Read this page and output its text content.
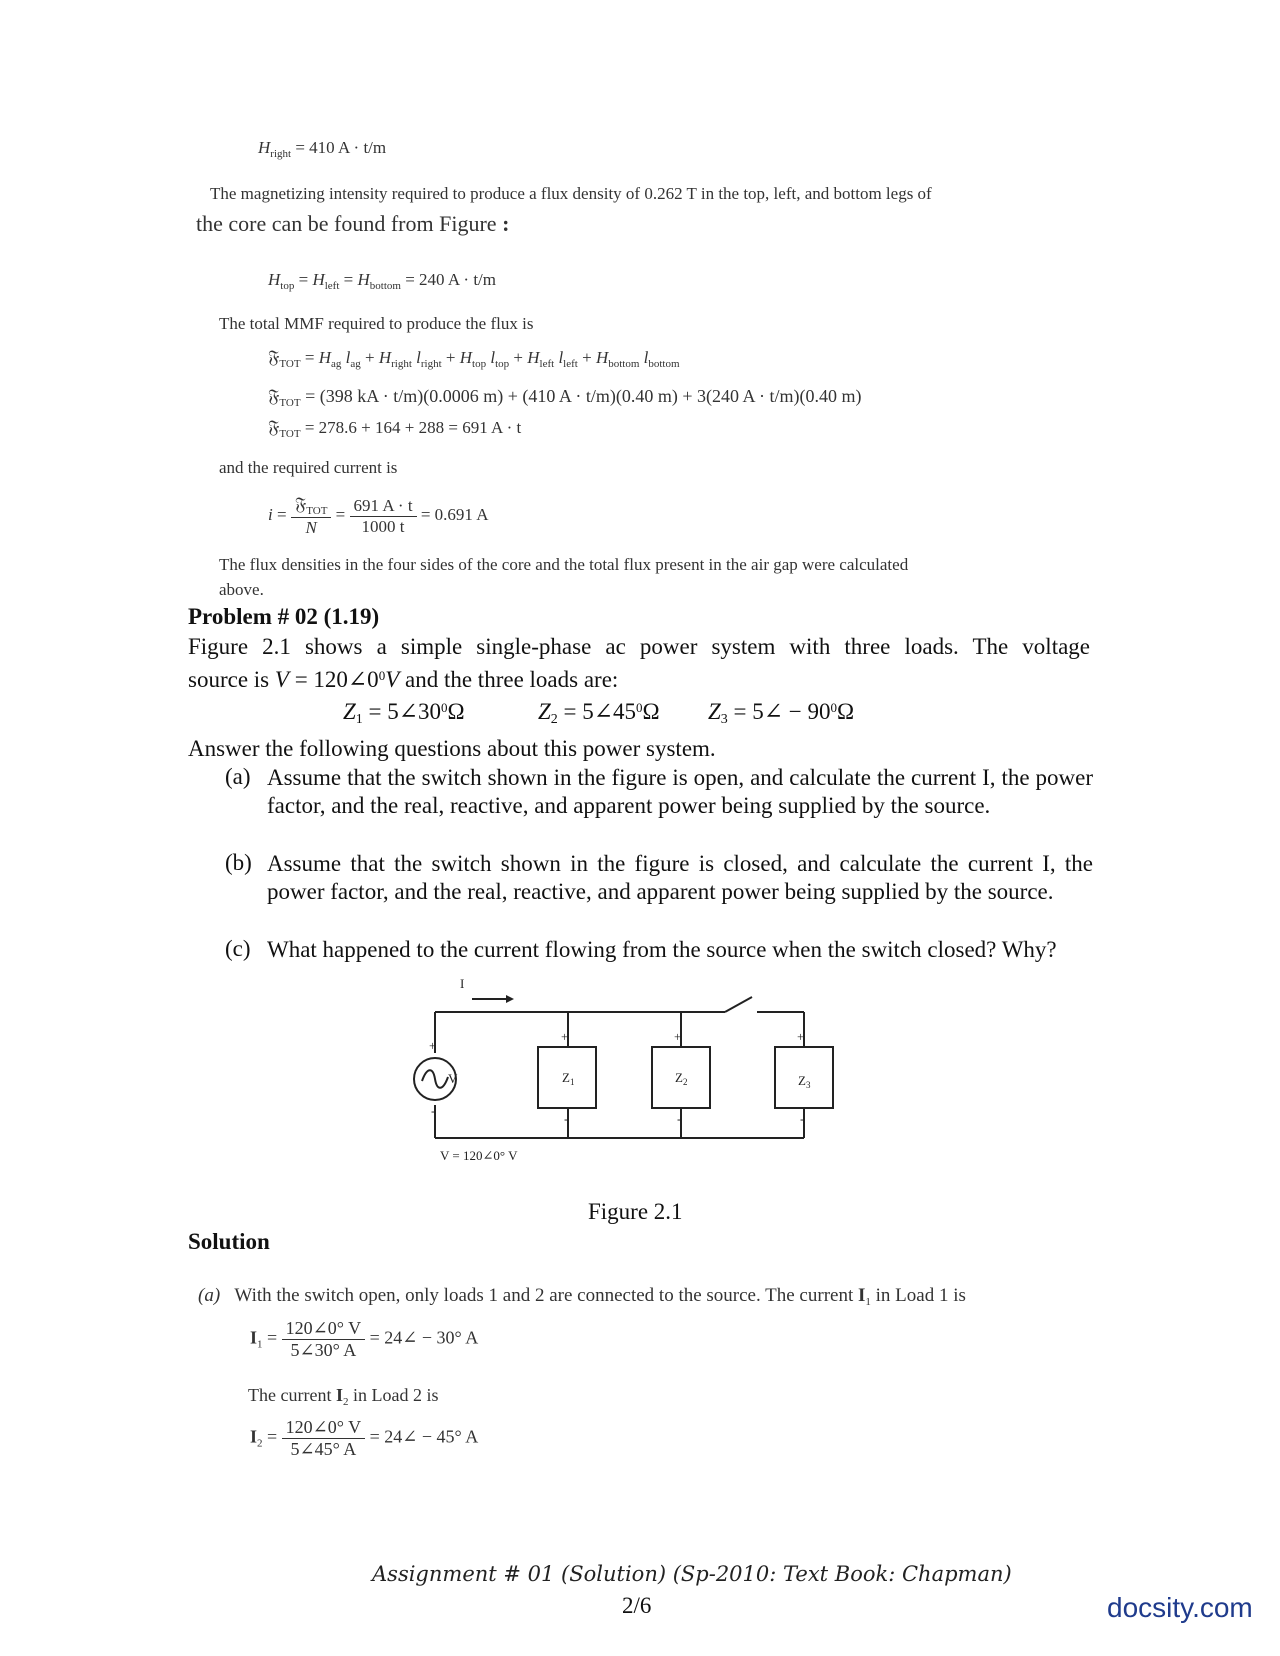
$H_{right} = 410$ A · t/m
The magnetizing intensity required to produce a flux density of 0.262 T in the top, left, and bottom legs of
the core can be found from Figure :
$H_{top} = H_{left} = H_{bottom} = 240$ A · t/m
The total MMF required to produce the flux is
𝔉$_{TOT}$ = $H_{ag}$ $l_{ag} + H_{right}$ $l_{right} + H_{top}$ $l_{top} + H_{left}$ $l_{left} + H_{bottom}$ $l_{bottom}$
𝔉$_{TOT}$ = (398 kA · t/m)(0.0006 m) + (410 A · t/m)(0.40 m) + 3(240 A · t/m)(0.40 m)
𝔉$_{TOT}$ = 278.6 + 164 + 288 = 691 A · t
and the required current is
$i = \frac{𝔉_{TOT}}{N} = \frac{691 A \cdot t}{1000 t} = 0.691$ A
The flux densities in the four sides of the core and the total flux present in the air gap were calculated
above.
Problem # 02 (1.19)
Figure 2.1 shows a simple single-phase ac power system with three loads. The voltage
source is $V = 120\angle 0^0V$ and the three loads are:
$Z_1$ = $5\angle 30^0\Omega$	$Z_2$ = $5\angle 45^0\Omega$ $Z_3$ = 5∠ − $90^0\Omega$
Answer the following questions about this power system.
(a) Assume that the switch shown in the figure is open, and calculate the current I, the power factor, and the real, reactive, and apparent power being supplied by the source.
(b) Assume that the switch shown in the figure is closed, and calculate the current I, the power factor, and the real, reactive, and apparent power being supplied by the source.
(c) What happened to the current flowing from the source when the switch closed? Why?
I
V
+
-
+	+	+
-	-	-
$Z_1$	$Z_2$	$Z_3$
V = 120∠0° V
Figure 2.1
Solution
(a) With the switch open, only loads 1 and 2 are connected to the source. The current $I_1$ in Load 1 is
$I_1 = \frac{120\angle 0^\circ V}{5\angle 30^\circ A}$ = 24∠ − 30° A
The current $I_2$ in Load 2 is
$I_2 = \frac{120\angle 0^\circ V}{5\angle 45^\circ A}$ = 24∠ − 45° A
Assignment # 01 (Solution) (Sp-2010: Text Book: Chapman)
2/6	docsity.com
